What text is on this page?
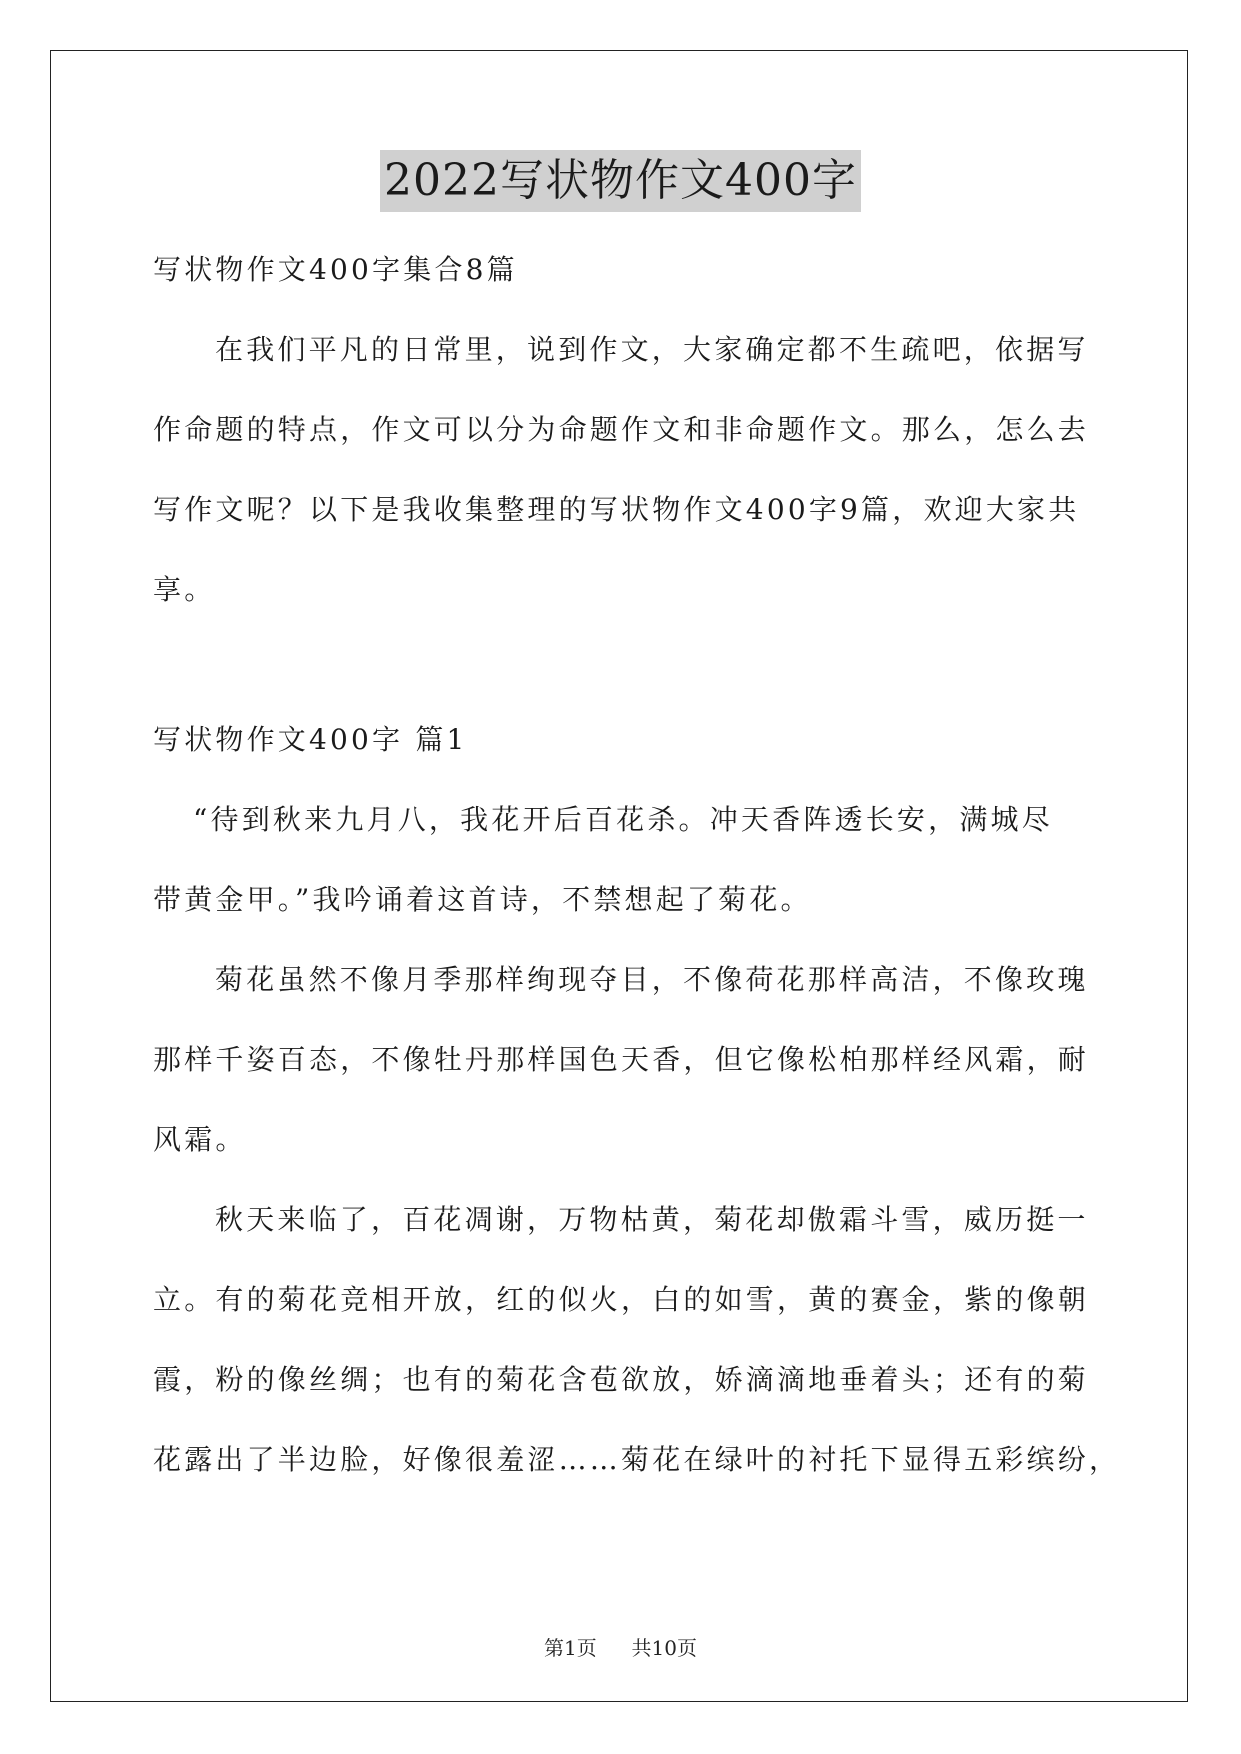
2022写状物作文400字
写状物作文400字集合8篇
在我们平凡的日常里，说到作文，大家确定都不生疏吧，依据写
作命题的特点，作文可以分为命题作文和非命题作文。那么，怎么去
写作文呢？以下是我收集整理的写状物作文400字9篇，欢迎大家共
享。
写状物作文400字 篇1
“待到秋来九月八，我花开后百花杀。冲天香阵透长安，满城尽
带黄金甲。”我吟诵着这首诗，不禁想起了菊花。
菊花虽然不像月季那样绚现夺目，不像荷花那样高洁，不像玫瑰
那样千姿百态，不像牡丹那样国色天香，但它像松柏那样经风霜，耐
风霜。
秋天来临了，百花凋谢，万物枯黄，菊花却傲霜斗雪，威历挺一
立。有的菊花竞相开放，红的似火，白的如雪，黄的赛金，紫的像朝
霞，粉的像丝绸；也有的菊花含苞欲放，娇滴滴地垂着头；还有的菊
花露出了半边脸，好像很羞涩……菊花在绿叶的衬托下显得五彩缤纷，
第1页 共10页
